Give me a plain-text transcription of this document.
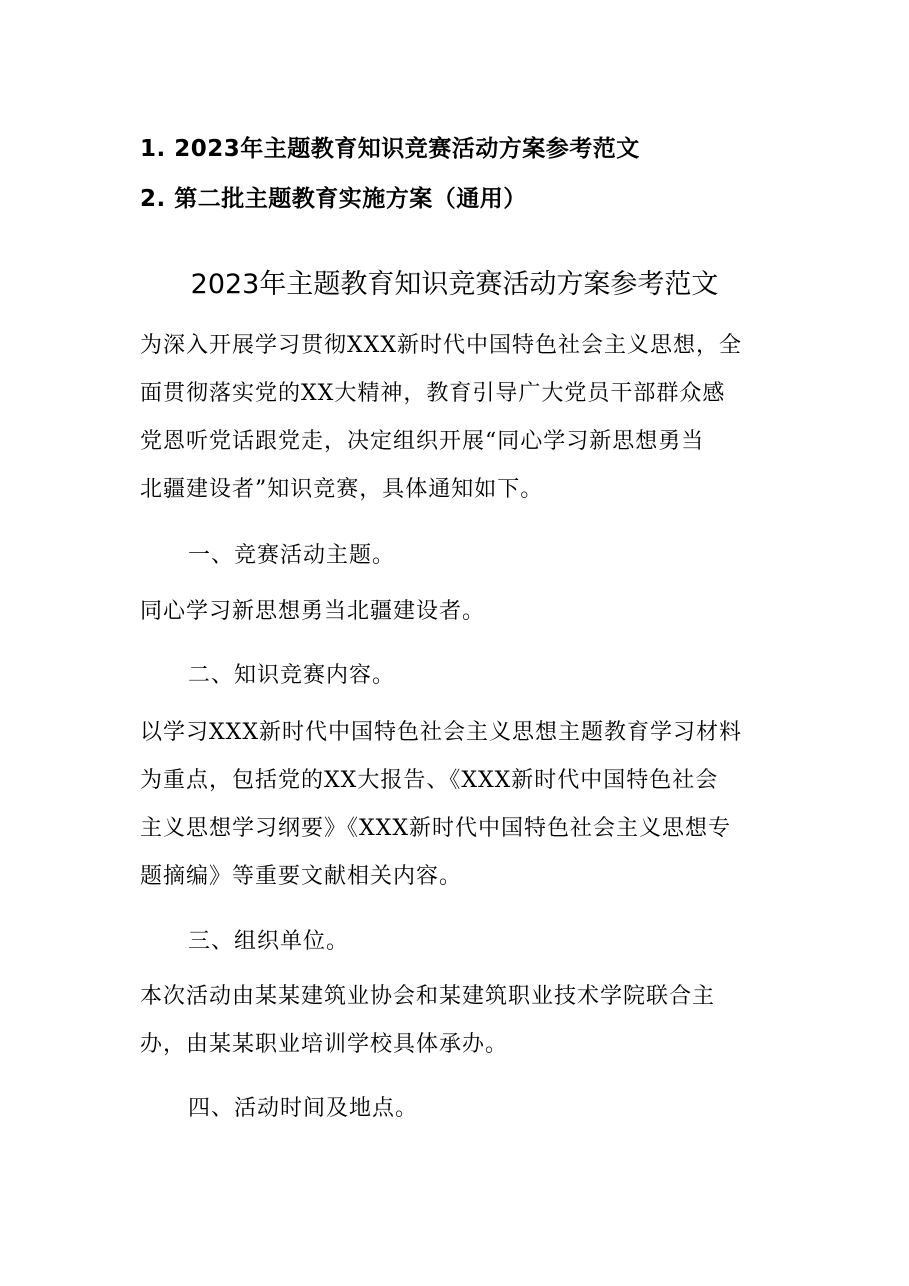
1. 2023年主题教育知识竞赛活动方案参考范文
2. 第二批主题教育实施方案（通用）
2023年主题教育知识竞赛活动方案参考范文

为深入开展学习贯彻XXX新时代中国特色社会主义思想，全
面贯彻落实党的XX大精神，教育引导广大党员干部群众感
党恩听党话跟党走，决定组织开展“同心学习新思想勇当
北疆建设者”知识竞赛，具体通知如下。

一、竞赛活动主题。

同心学习新思想勇当北疆建设者。

二、知识竞赛内容。

以学习XXX新时代中国特色社会主义思想主题教育学习材料
为重点，包括党的XX大报告、《XXX新时代中国特色社会
主义思想学习纲要》《XXX新时代中国特色社会主义思想专
题摘编》等重要文献相关内容。

三、组织单位。

本次活动由某某建筑业协会和某建筑职业技术学院联合主
办，由某某职业培训学校具体承办。

四、活动时间及地点。
